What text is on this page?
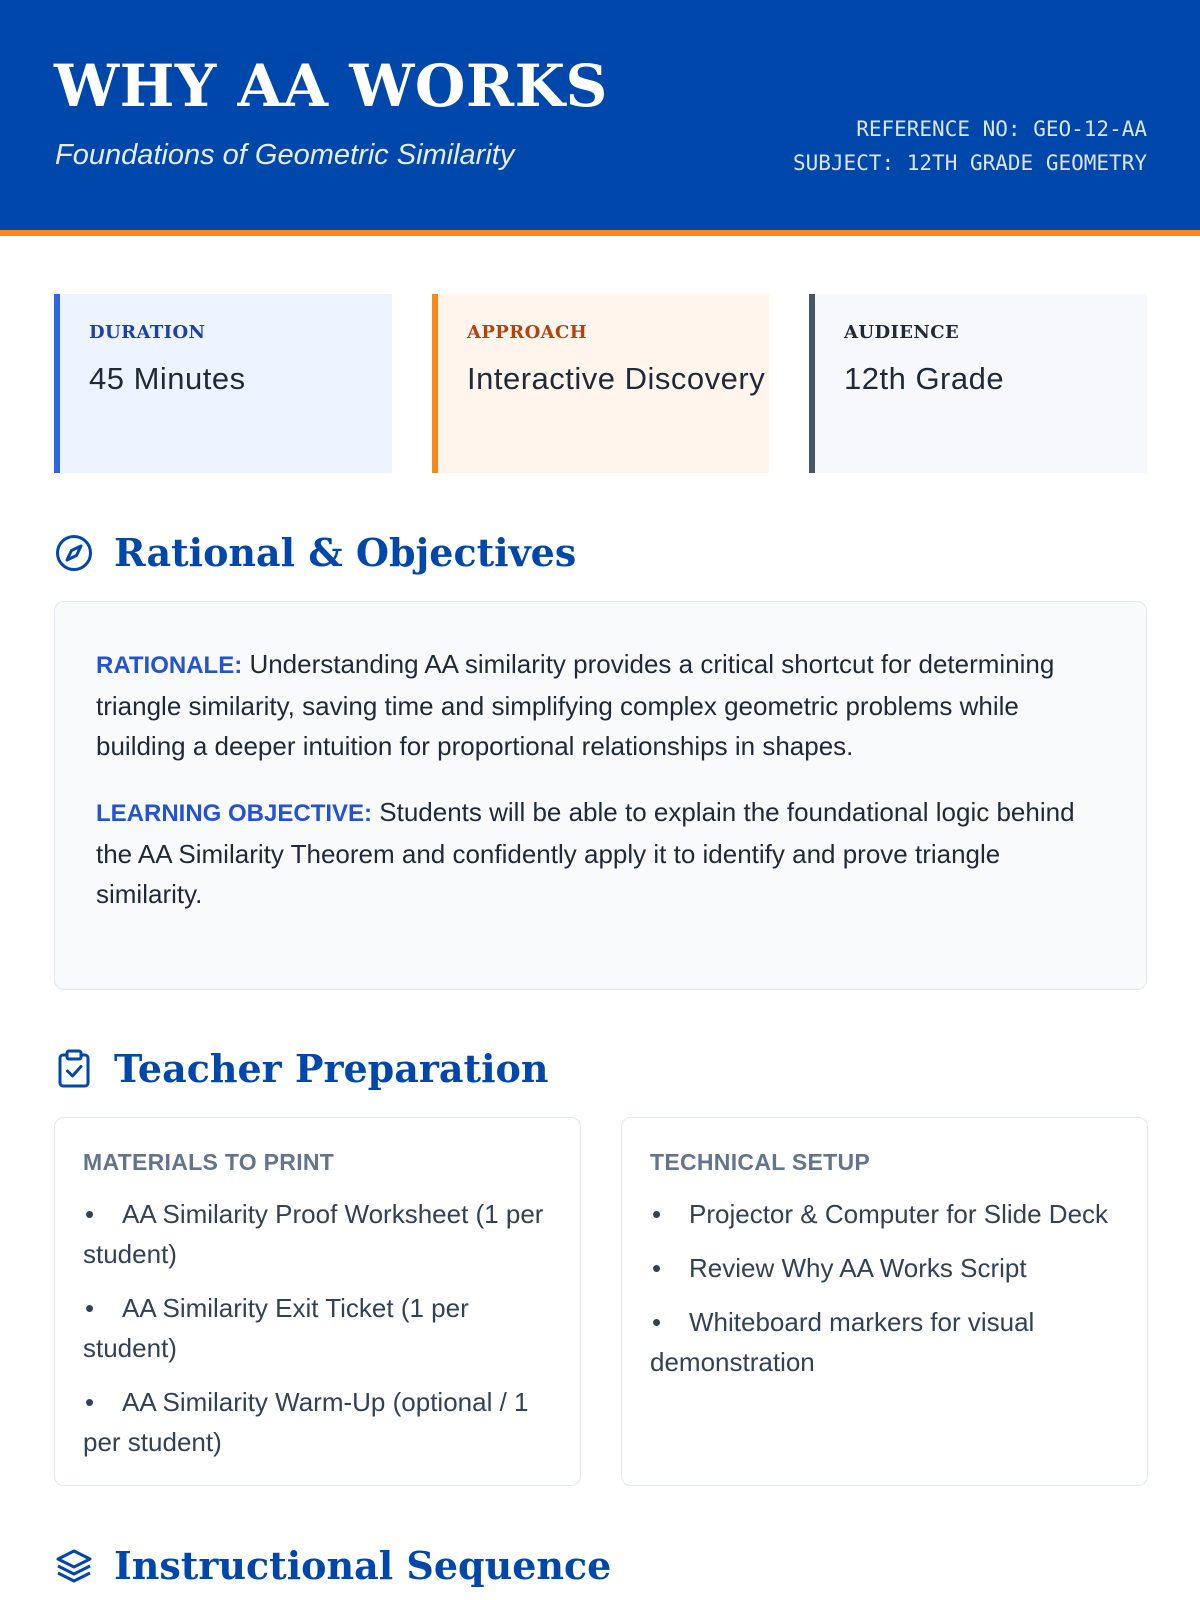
WHY AA WORKS

Foundations of Geometric Similarity

REFERENCE NO: GEO-12-AA
SUBJECT: 12TH GRADE GEOMETRY
DURATION
45 Minutes
APPROACH
Interactive Discovery
AUDIENCE
12th Grade
Rational & Objectives

RATIONALE: Understanding AA similarity provides a critical shortcut for determining triangle similarity, saving time and simplifying complex geometric problems while building a deeper intuition for proportional relationships in shapes.

LEARNING OBJECTIVE: Students will be able to explain the foundational logic behind the AA Similarity Theorem and confidently apply it to identify and prove triangle similarity.

Teacher Preparation
MATERIALS TO PRINT
• AA Similarity Proof Worksheet (1 per student)
• AA Similarity Exit Ticket (1 per student)
• AA Similarity Warm-Up (optional / 1 per student)
TECHNICAL SETUP
• Projector & Computer for Slide Deck
• Review Why AA Works Script
• Whiteboard markers for visual demonstration
Instructional Sequence
